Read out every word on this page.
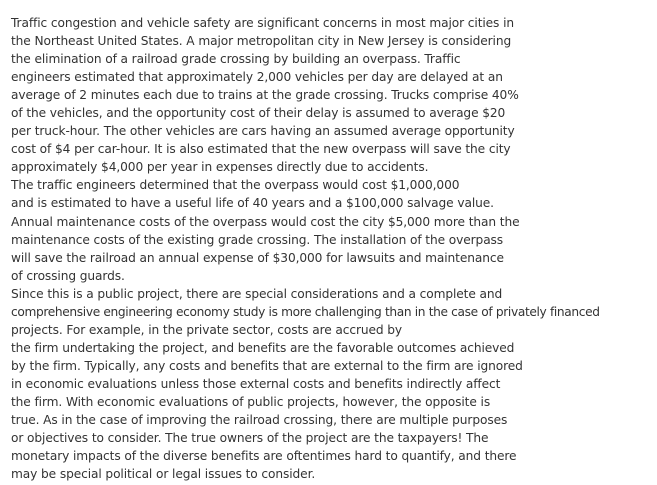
Traffic congestion and vehicle safety are significant concerns in most major cities in
the Northeast United States. A major metropolitan city in New Jersey is considering
the elimination of a railroad grade crossing by building an overpass. Traffic
engineers estimated that approximately 2,000 vehicles per day are delayed at an
average of 2 minutes each due to trains at the grade crossing. Trucks comprise 40%
of the vehicles, and the opportunity cost of their delay is assumed to average $20
per truck-hour. The other vehicles are cars having an assumed average opportunity
cost of $4 per car-hour. It is also estimated that the new overpass will save the city
approximately $4,000 per year in expenses directly due to accidents.
The traffic engineers determined that the overpass would cost $1,000,000
and is estimated to have a useful life of 40 years and a $100,000 salvage value.
Annual maintenance costs of the overpass would cost the city $5,000 more than the
maintenance costs of the existing grade crossing. The installation of the overpass
will save the railroad an annual expense of $30,000 for lawsuits and maintenance
of crossing guards.
Since this is a public project, there are special considerations and a complete and
comprehensive engineering economy study is more challenging than in the case of privately financed
projects. For example, in the private sector, costs are accrued by
the firm undertaking the project, and benefits are the favorable outcomes achieved
by the firm. Typically, any costs and benefits that are external to the firm are ignored
in economic evaluations unless those external costs and benefits indirectly affect
the firm. With economic evaluations of public projects, however, the opposite is
true. As in the case of improving the railroad crossing, there are multiple purposes
or objectives to consider. The true owners of the project are the taxpayers! The
monetary impacts of the diverse benefits are oftentimes hard to quantify, and there
may be special political or legal issues to consider.
